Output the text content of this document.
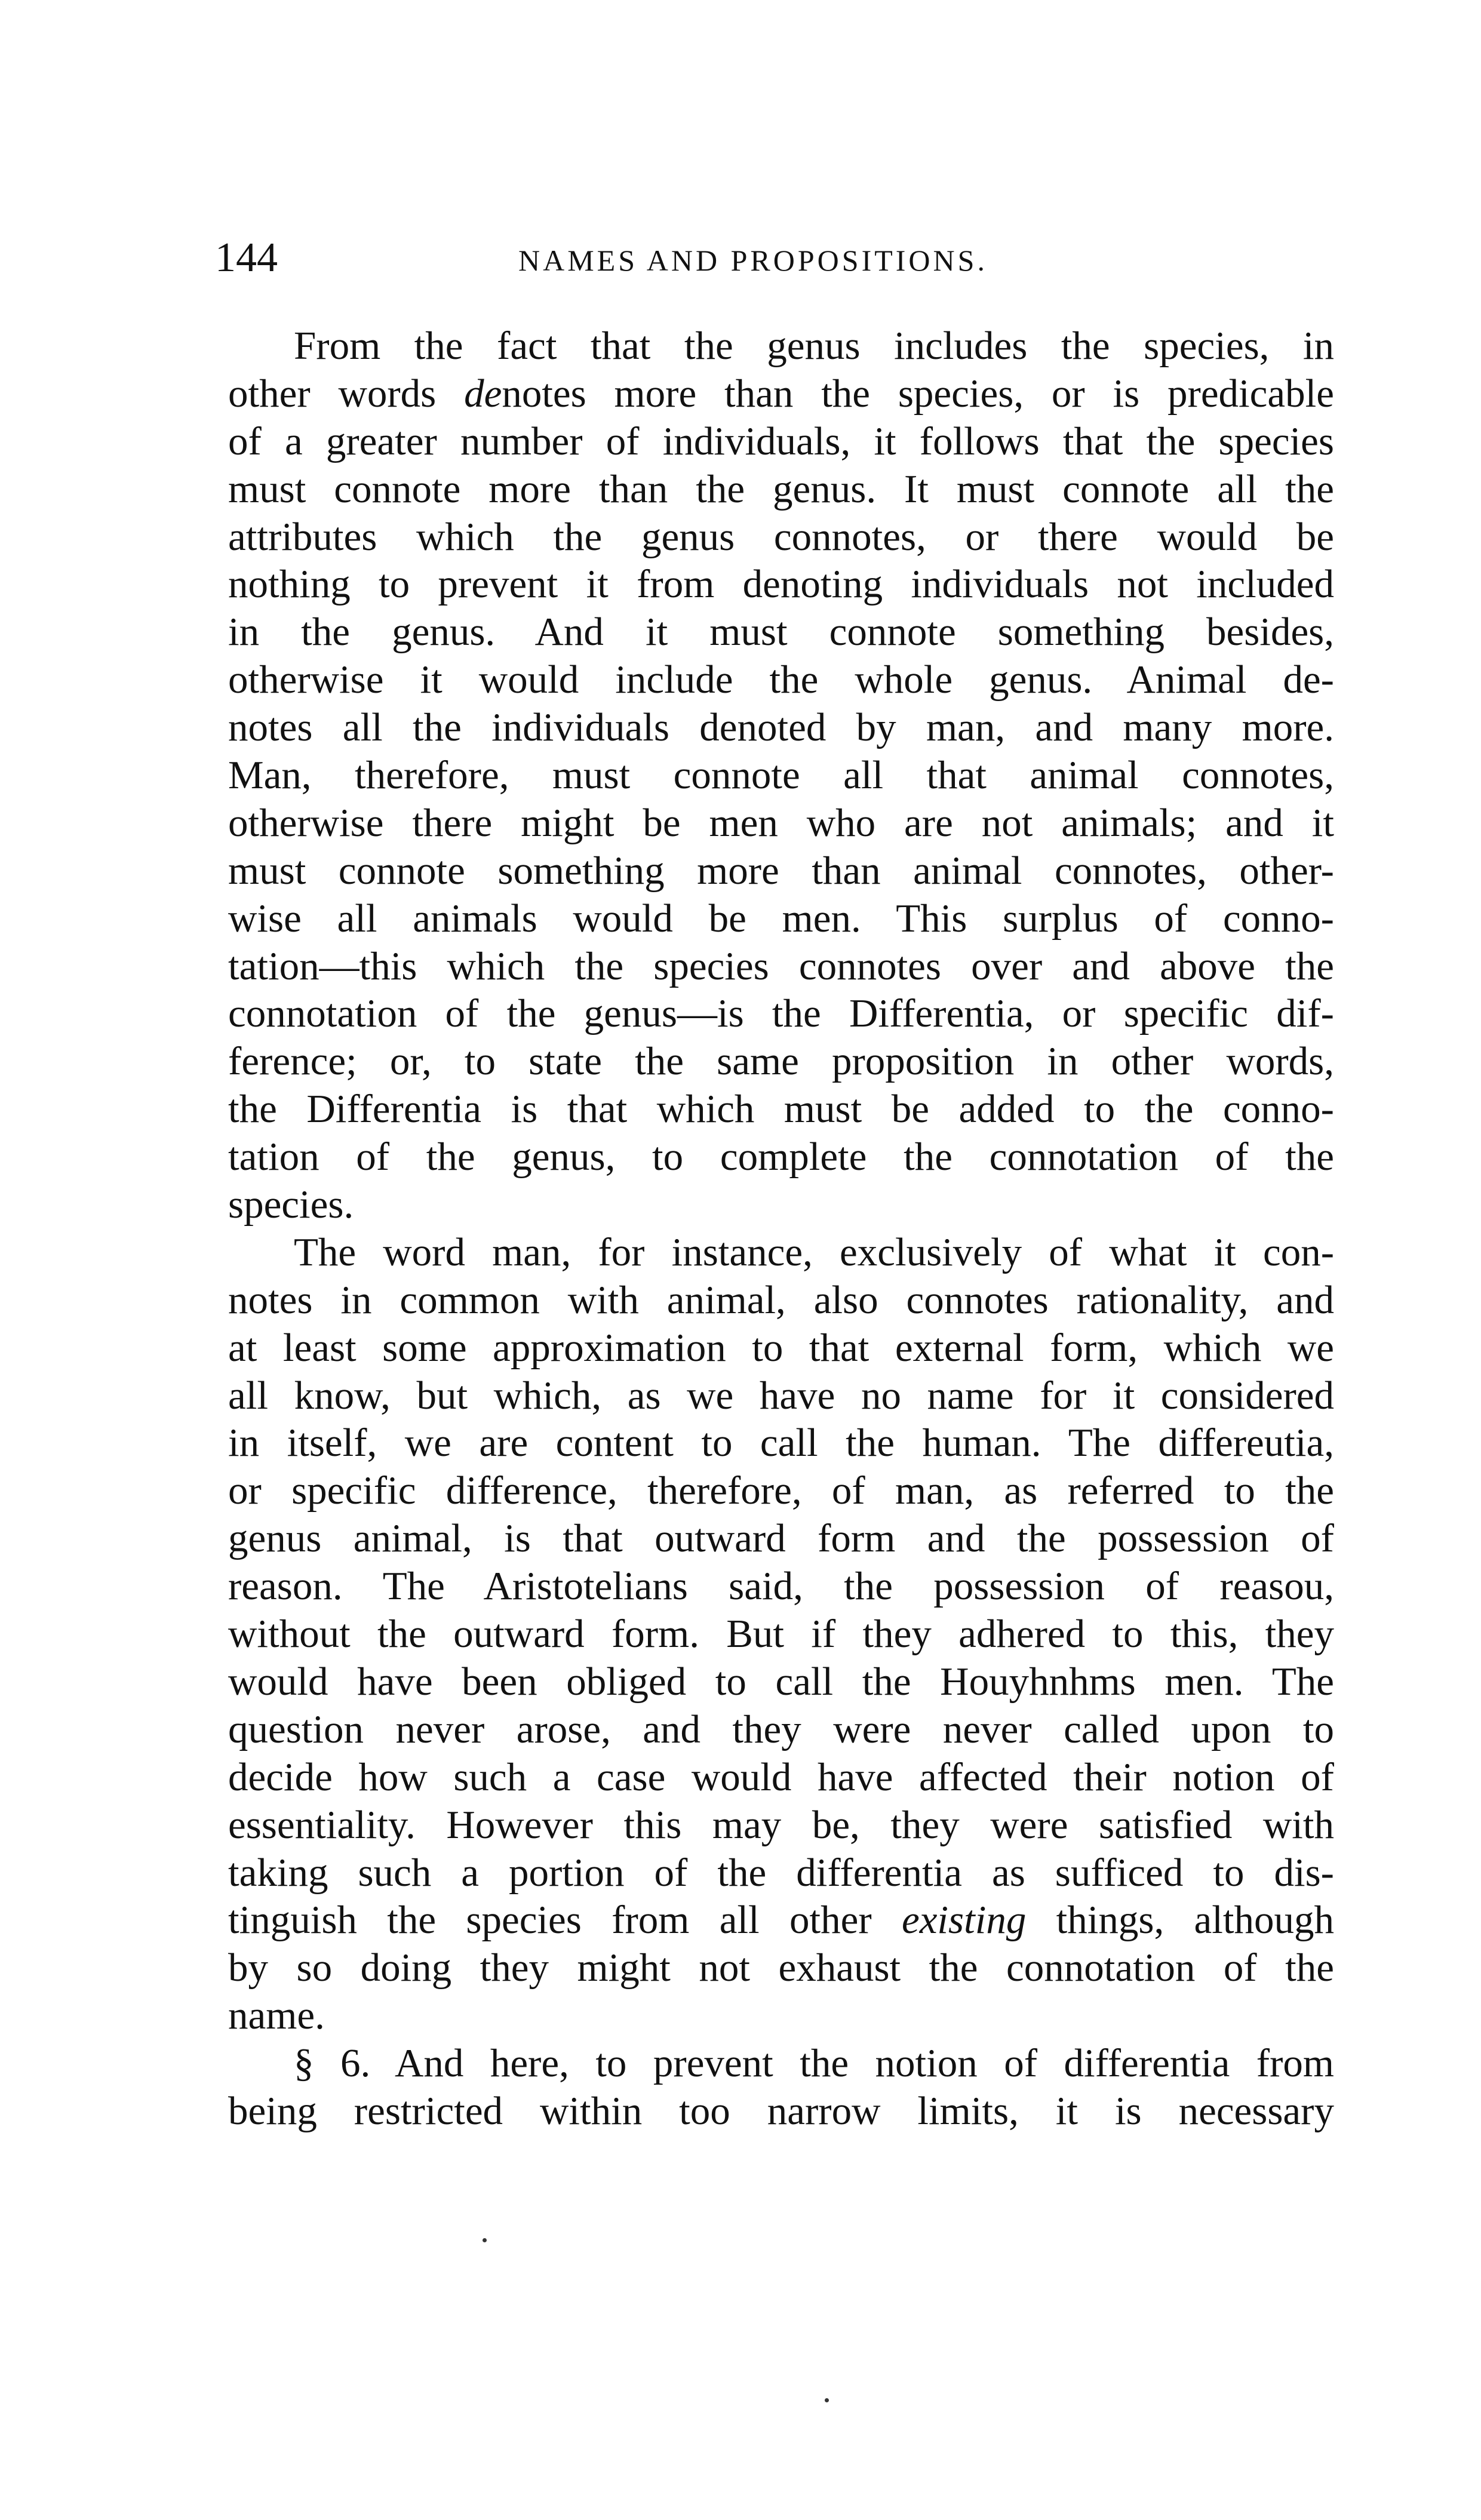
144	NAMES AND PROPOSITIONS.
From the fact that the genus includes the species, in
other words denotes more than the species, or is predicable
of a greater number of individuals, it follows that the species
must connote more than the genus. It must connote all the
attributes which the genus connotes, or there would be
nothing to prevent it from denoting individuals not included
in the genus. And it must connote something besides,
otherwise it would include the whole genus. Animal de-
notes all the individuals denoted by man, and many more.
Man, therefore, must connote all that animal connotes,
otherwise there might be men who are not animals; and it
must connote something more than animal connotes, other-
wise all animals would be men. This surplus of conno-
tation—this which the species connotes over and above the
connotation of the genus—is the Differentia, or specific dif-
ference; or, to state the same proposition in other words,
the Differentia is that which must be added to the conno-
tation of the genus, to complete the connotation of the
species.
The word man, for instance, exclusively of what it con-
notes in common with animal, also connotes rationality, and
at least some approximation to that external form, which we
all know, but which, as we have no name for it considered
in itself, we are content to call the human. The differeutia,
or specific difference, therefore, of man, as referred to the
genus animal, is that outward form and the possession of
reason. The Aristotelians said, the possession of reasou,
without the outward form. But if they adhered to this, they
would have been obliged to call the Houyhnhms men. The
question never arose, and they were never called upon to
decide how such a case would have affected their notion of
essentiality. However this may be, they were satisfied with
taking such a portion of the differentia as sufficed to dis-
tinguish the species from all other existing things, although
by so doing they might not exhaust the connotation of the
name.
§ 6. And here, to prevent the notion of differentia from
being restricted within too narrow limits, it is necessary
